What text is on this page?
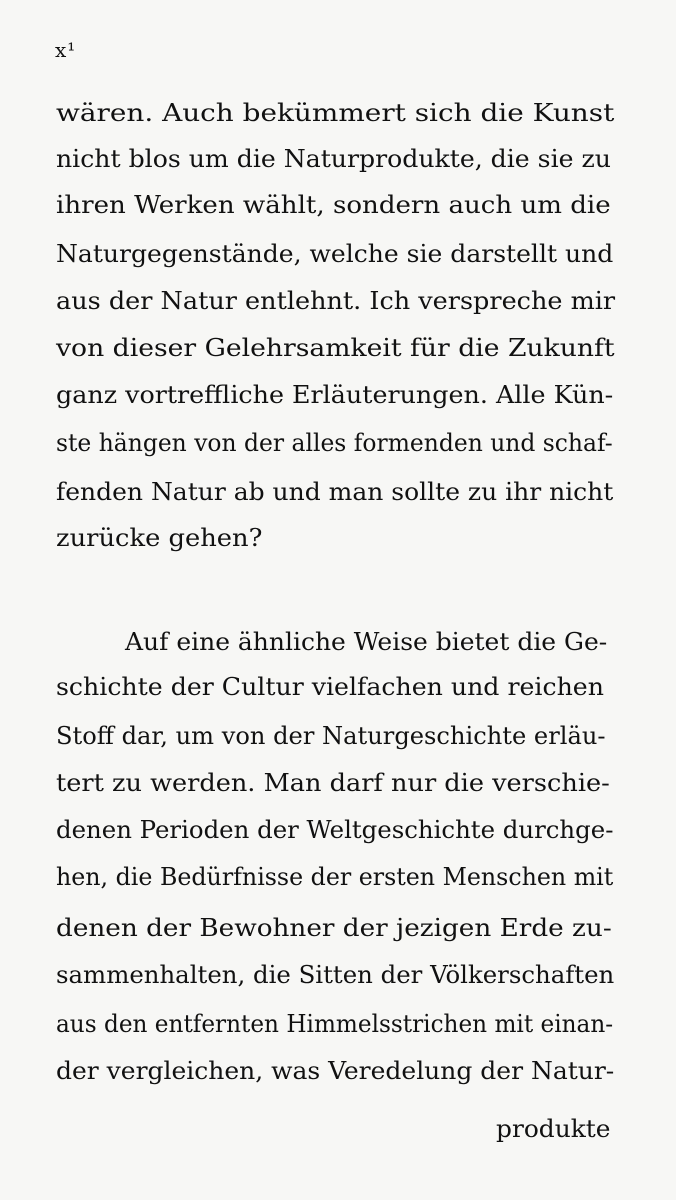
x¹
wären. Auch bekümmert sich die Kunst
nicht blos um die Naturprodukte, die sie zu
ihren Werken wählt, sondern auch um die
Naturgegenstände, welche sie darstellt und
aus der Natur entlehnt. Ich verspreche mir
von dieser Gelehrsamkeit für die Zukunft
ganz vortreffliche Erläuterungen. Alle Kün-
ste hängen von der alles formenden und schaf-
fenden Natur ab und man sollte zu ihr nicht
zurücke gehen?
Auf eine ähnliche Weise bietet die Ge-
schichte der Cultur vielfachen und reichen
Stoff dar, um von der Naturgeschichte erläu-
tert zu werden. Man darf nur die verschie-
denen Perioden der Weltgeschichte durchge-
hen, die Bedürfnisse der ersten Menschen mit
denen der Bewohner der jezigen Erde zu-
sammenhalten, die Sitten der Völkerschaften
aus den entfernten Himmelsstrichen mit einan-
der vergleichen, was Veredelung der Natur-
produkte
